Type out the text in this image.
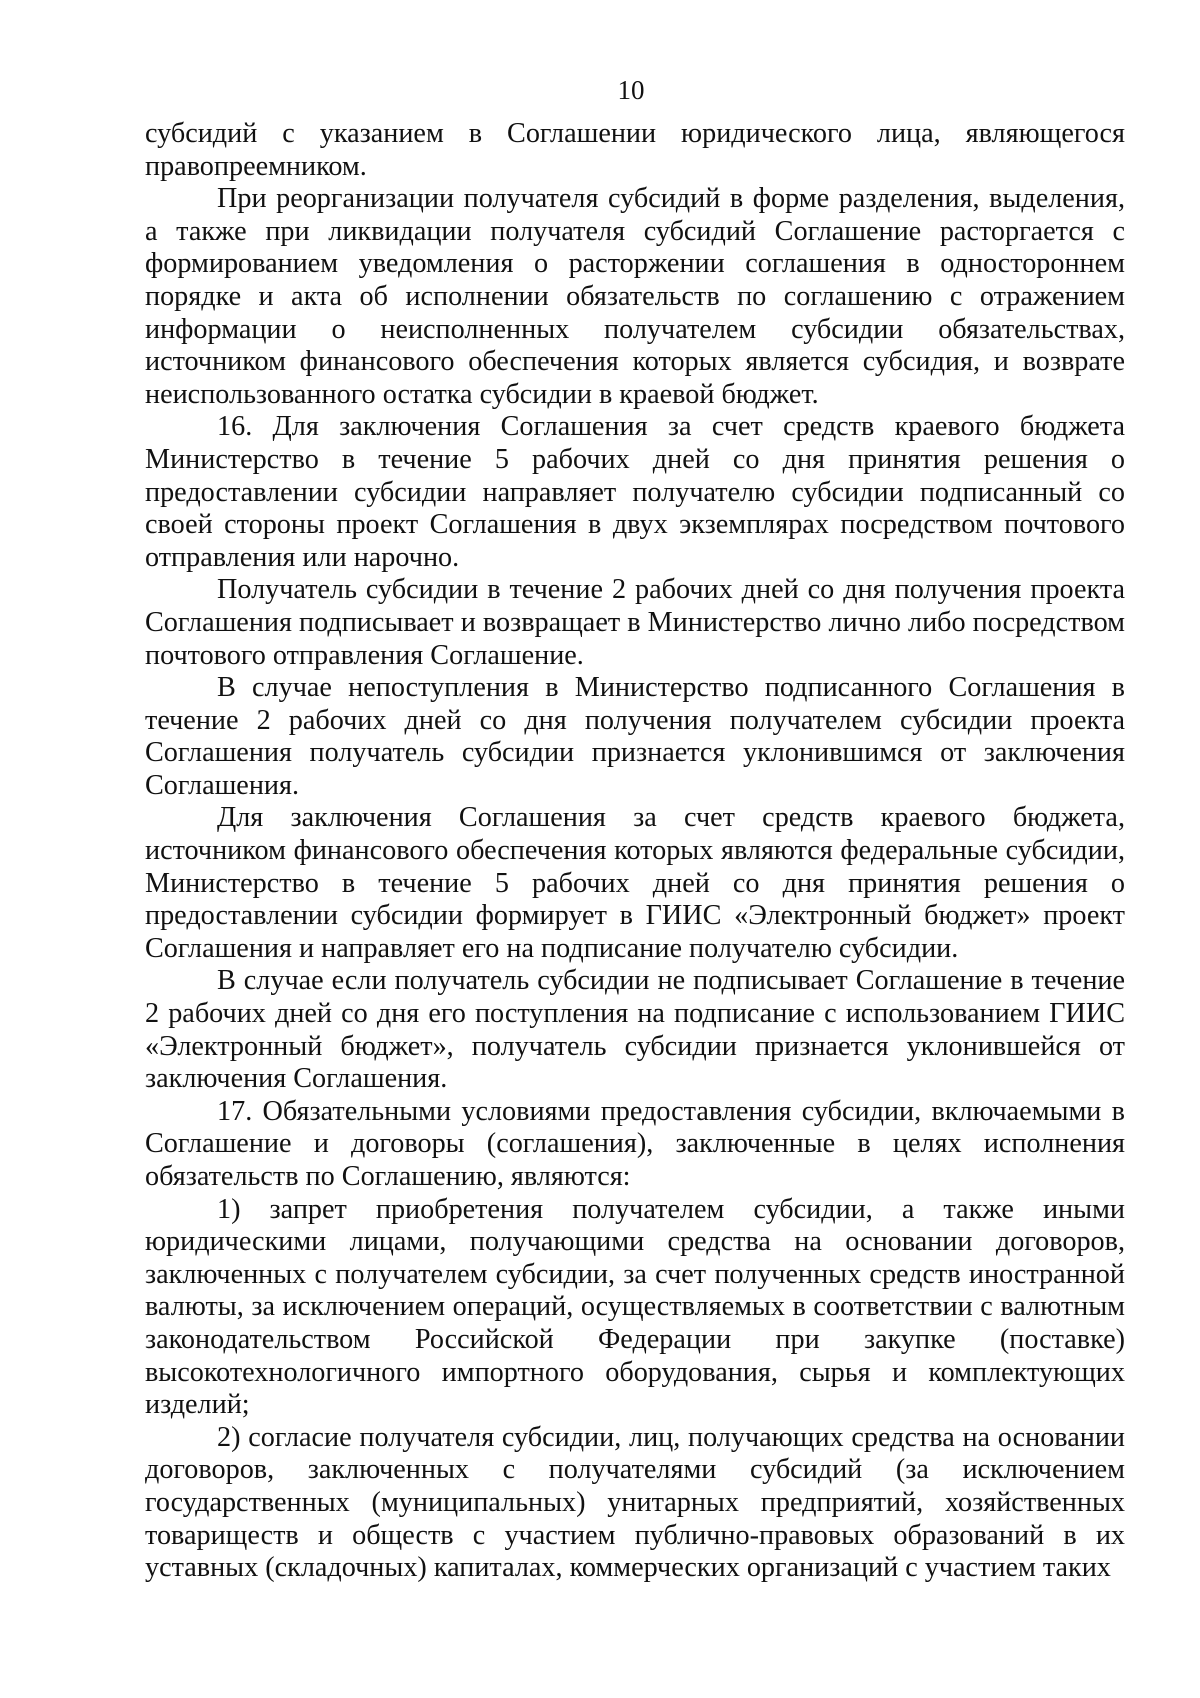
10

субсидий с указанием в Соглашении юридического лица, являющегося правопреемником.

При реорганизации получателя субсидий в форме разделения, выделения, а также при ликвидации получателя субсидий Соглашение расторгается с формированием уведомления о расторжении соглашения в одностороннем порядке и акта об исполнении обязательств по соглашению с отражением информации о неисполненных получателем субсидии обязательствах, источником финансового обеспечения которых является субсидия, и возврате неиспользованного остатка субсидии в краевой бюджет.

16. Для заключения Соглашения за счет средств краевого бюджета Министерство в течение 5 рабочих дней со дня принятия решения о предоставлении субсидии направляет получателю субсидии подписанный со своей стороны проект Соглашения в двух экземплярах посредством почтового отправления или нарочно.

Получатель субсидии в течение 2 рабочих дней со дня получения проекта Соглашения подписывает и возвращает в Министерство лично либо посредством почтового отправления Соглашение.

В случае непоступления в Министерство подписанного Соглашения в течение 2 рабочих дней со дня получения получателем субсидии проекта Соглашения получатель субсидии признается уклонившимся от заключения Соглашения.

Для заключения Соглашения за счет средств краевого бюджета, источником финансового обеспечения которых являются федеральные субсидии, Министерство в течение 5 рабочих дней со дня принятия решения о предоставлении субсидии формирует в ГИИС «Электронный бюджет» проект Соглашения и направляет его на подписание получателю субсидии.

В случае если получатель субсидии не подписывает Соглашение в течение 2 рабочих дней со дня его поступления на подписание с использованием ГИИС «Электронный бюджет», получатель субсидии признается уклонившейся от заключения Соглашения.

17. Обязательными условиями предоставления субсидии, включаемыми в Соглашение и договоры (соглашения), заключенные в целях исполнения обязательств по Соглашению, являются:

1) запрет приобретения получателем субсидии, а также иными юридическими лицами, получающими средства на основании договоров, заключенных с получателем субсидии, за счет полученных средств иностранной валюты, за исключением операций, осуществляемых в соответствии с валютным законодательством Российской Федерации при закупке (поставке) высокотехнологичного импортного оборудования, сырья и комплектующих изделий;

2) согласие получателя субсидии, лиц, получающих средства на основании договоров, заключенных с получателями субсидий (за исключением государственных (муниципальных) унитарных предприятий, хозяйственных товариществ и обществ с участием публично-правовых образований в их уставных (складочных) капиталах, коммерческих организаций с участием таких
